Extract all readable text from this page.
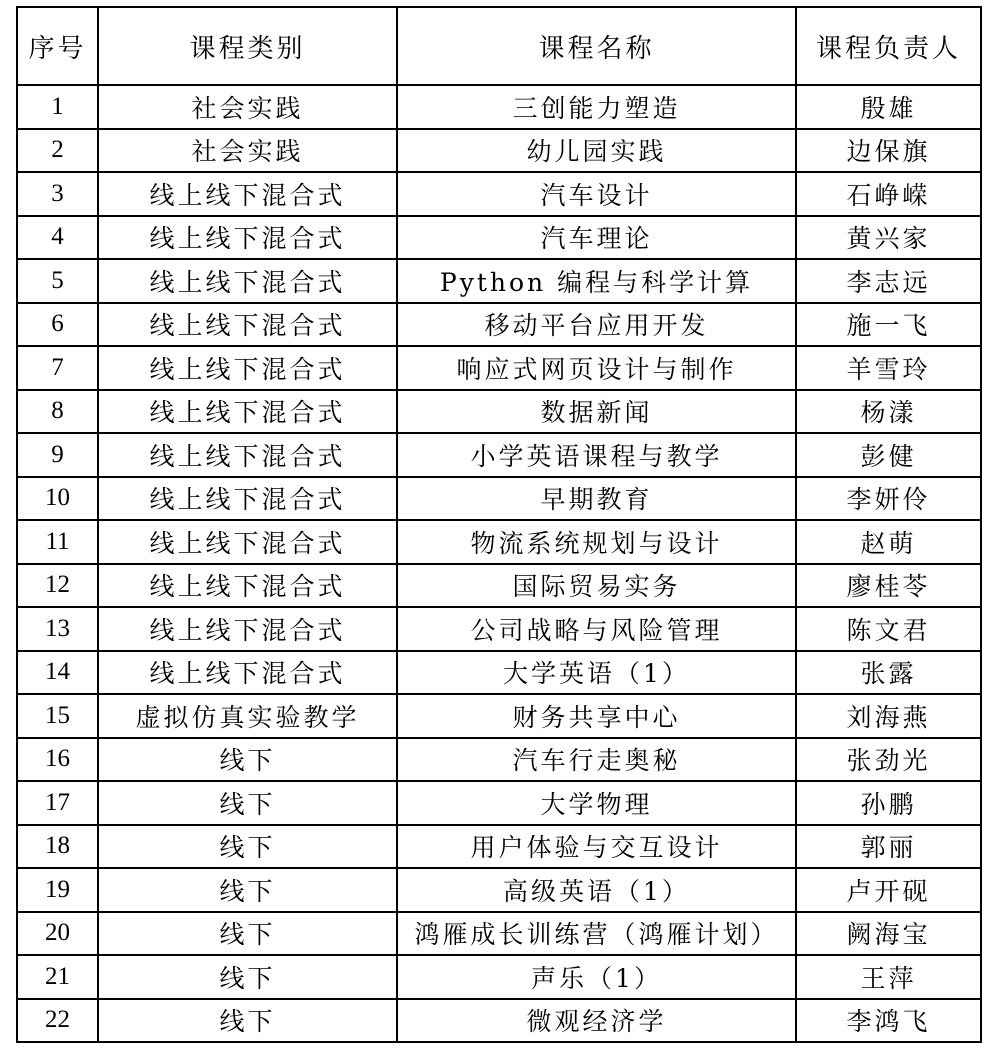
序号	课程类别	课程名称	课程负责人
1	社会实践	三创能力塑造	殷雄
2	社会实践	幼儿园实践	边保旗
3	线上线下混合式	汽车设计	石峥嵘
4	线上线下混合式	汽车理论	黄兴家
5	线上线下混合式	Python 编程与科学计算	李志远
6	线上线下混合式	移动平台应用开发	施一飞
7	线上线下混合式	响应式网页设计与制作	羊雪玲
8	线上线下混合式	数据新闻	杨漾
9	线上线下混合式	小学英语课程与教学	彭健
10	线上线下混合式	早期教育	李妍伶
11	线上线下混合式	物流系统规划与设计	赵萌
12	线上线下混合式	国际贸易实务	廖桂苓
13	线上线下混合式	公司战略与风险管理	陈文君
14	线上线下混合式	大学英语（1）	张露
15	虚拟仿真实验教学	财务共享中心	刘海燕
16	线下	汽车行走奥秘	张劲光
17	线下	大学物理	孙鹏
18	线下	用户体验与交互设计	郭丽
19	线下	高级英语（1）	卢开砚
20	线下	鸿雁成长训练营（鸿雁计划）	阙海宝
21	线下	声乐（1）	王萍
22	线下	微观经济学	李鸿飞
